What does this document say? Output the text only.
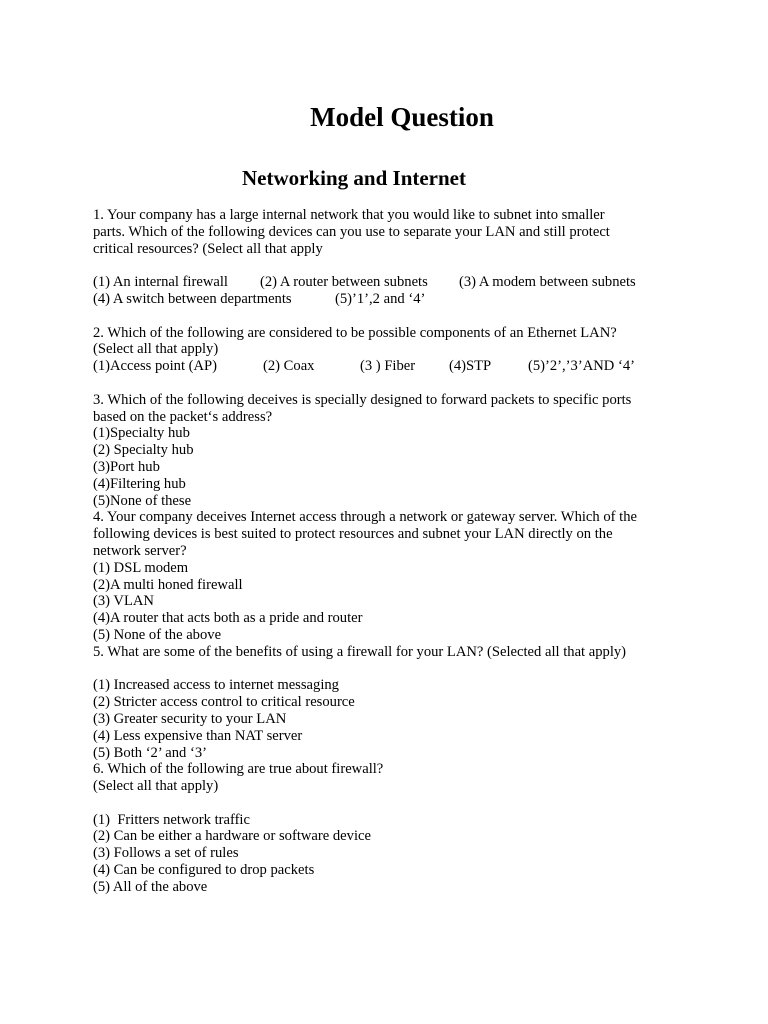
Model Question
Networking and Internet
1. Your company has a large internal network that you would like to subnet into smaller
parts. Which of the following devices can you use to separate your LAN and still protect
critical resources? (Select all that apply
(1) An internal firewall (2) A router between subnets (3) A modem between subnets
(4) A switch between departments	(5)’1’,2 and ‘4’
2. Which of the following are considered to be possible components of an Ethernet LAN?
(Select all that apply)
(1)Access point (AP)	(2) Coax	(3 ) Fiber (4)STP	(5)’2’,’3’AND ‘4’
3. Which of the following deceives is specially designed to forward packets to specific ports
based on the packet‘s address?
(1)Specialty hub
(2) Specialty hub
(3)Port hub
(4)Filtering hub
(5)None of these
4. Your company deceives Internet access through a network or gateway server. Which of the
following devices is best suited to protect resources and subnet your LAN directly on the
network server?
(1) DSL modem
(2)A multi honed firewall
(3) VLAN
(4)A router that acts both as a pride and router
(5) None of the above
5. What are some of the benefits of using a firewall for your LAN? (Selected all that apply)
(1) Increased access to internet messaging
(2) Stricter access control to critical resource
(3) Greater security to your LAN
(4) Less expensive than NAT server
(5) Both ‘2’ and ‘3’
6. Which of the following are true about firewall?
(Select all that apply)
(1)  Fritters network traffic
(2) Can be either a hardware or software device
(3) Follows a set of rules
(4) Can be configured to drop packets
(5) All of the above
